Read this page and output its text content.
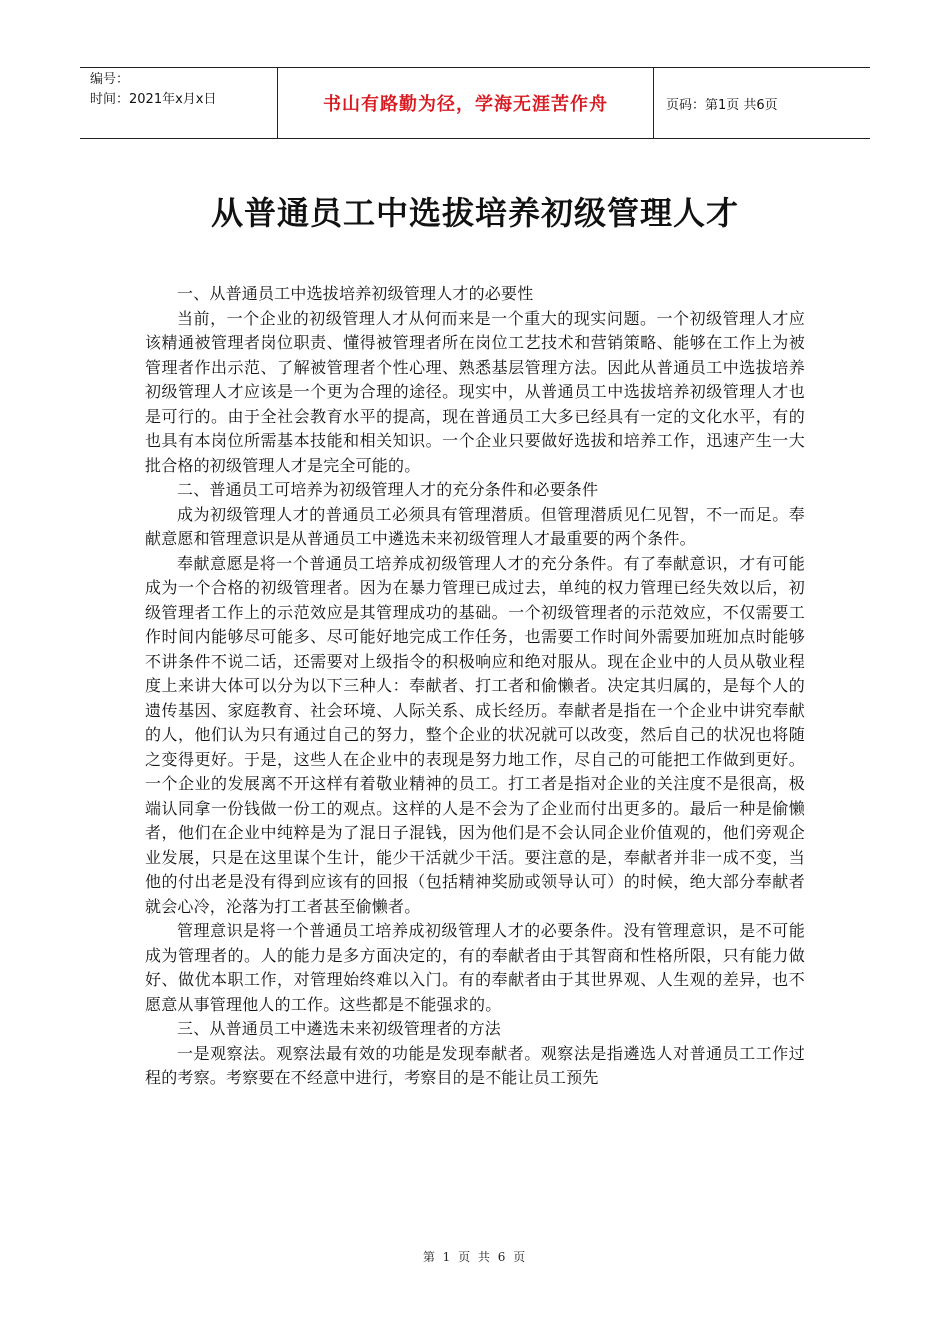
编号：
时间：2021年x月x日	书山有路勤为径，学海无涯苦作舟	页码：第1页 共6页
从普通员工中选拔培养初级管理人才

一、从普通员工中选拔培养初级管理人才的必要性

当前，一个企业的初级管理人才从何而来是一个重大的现实问题。一个初级管理人才应该精通被管理者岗位职责、懂得被管理者所在岗位工艺技术和营销策略、能够在工作上为被管理者作出示范、了解被管理者个性心理、熟悉基层管理方法。因此从普通员工中选拔培养初级管理人才应该是一个更为合理的途径。现实中，从普通员工中选拔培养初级管理人才也是可行的。由于全社会教育水平的提高，现在普通员工大多已经具有一定的文化水平，有的也具有本岗位所需基本技能和相关知识。一个企业只要做好选拔和培养工作，迅速产生一大批合格的初级管理人才是完全可能的。

二、普通员工可培养为初级管理人才的充分条件和必要条件

成为初级管理人才的普通员工必须具有管理潜质。但管理潜质见仁见智，不一而足。奉献意愿和管理意识是从普通员工中遴选未来初级管理人才最重要的两个条件。

奉献意愿是将一个普通员工培养成初级管理人才的充分条件。有了奉献意识，才有可能成为一个合格的初级管理者。因为在暴力管理已成过去，单纯的权力管理已经失效以后，初级管理者工作上的示范效应是其管理成功的基础。一个初级管理者的示范效应，不仅需要工作时间内能够尽可能多、尽可能好地完成工作任务，也需要工作时间外需要加班加点时能够不讲条件不说二话，还需要对上级指令的积极响应和绝对服从。现在企业中的人员从敬业程度上来讲大体可以分为以下三种人：奉献者、打工者和偷懒者。决定其归属的，是每个人的遗传基因、家庭教育、社会环境、人际关系、成长经历。奉献者是指在一个企业中讲究奉献的人，他们认为只有通过自己的努力，整个企业的状况就可以改变，然后自己的状况也将随之变得更好。于是，这些人在企业中的表现是努力地工作，尽自己的可能把工作做到更好。一个企业的发展离不开这样有着敬业精神的员工。打工者是指对企业的关注度不是很高，极端认同拿一份钱做一份工的观点。这样的人是不会为了企业而付出更多的。最后一种是偷懒者，他们在企业中纯粹是为了混日子混钱，因为他们是不会认同企业价值观的，他们旁观企业发展，只是在这里谋个生计，能少干活就少干活。要注意的是，奉献者并非一成不变，当他的付出老是没有得到应该有的回报（包括精神奖励或领导认可）的时候，绝大部分奉献者就会心冷，沦落为打工者甚至偷懒者。

管理意识是将一个普通员工培养成初级管理人才的必要条件。没有管理意识，是不可能成为管理者的。人的能力是多方面决定的，有的奉献者由于其智商和性格所限，只有能力做好、做优本职工作，对管理始终难以入门。有的奉献者由于其世界观、人生观的差异，也不愿意从事管理他人的工作。这些都是不能强求的。

三、从普通员工中遴选未来初级管理者的方法

一是观察法。观察法最有效的功能是发现奉献者。观察法是指遴选人对普通员工工作过程的考察。考察要在不经意中进行，考察目的是不能让员工预先

第 1 页 共 6 页
